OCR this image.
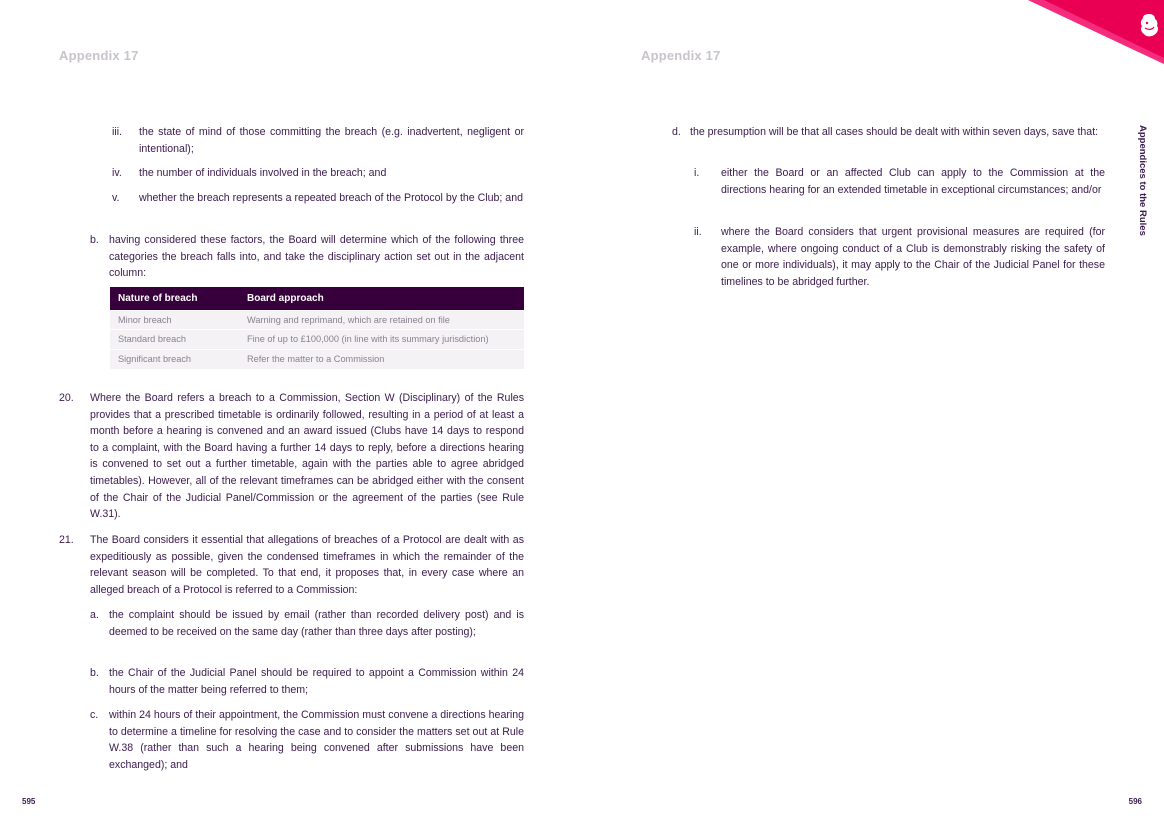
Appendix 17
iii. the state of mind of those committing the breach (e.g. inadvertent, negligent or intentional);
iv. the number of individuals involved in the breach; and
v. whether the breach represents a repeated breach of the Protocol by the Club; and
b. having considered these factors, the Board will determine which of the following three categories the breach falls into, and take the disciplinary action set out in the adjacent column:
Nature of breach	Board approach
Minor breach	Warning and reprimand, which are retained on file
Standard breach	Fine of up to £100,000 (in line with its summary jurisdiction)
Significant breach	Refer the matter to a Commission
20. Where the Board refers a breach to a Commission, Section W (Disciplinary) of the Rules provides that a prescribed timetable is ordinarily followed, resulting in a period of at least a month before a hearing is convened and an award issued (Clubs have 14 days to respond to a complaint, with the Board having a further 14 days to reply, before a directions hearing is convened to set out a further timetable, again with the parties able to agree abridged timetables). However, all of the relevant timeframes can be abridged either with the consent of the Chair of the Judicial Panel/Commission or the agreement of the parties (see Rule W.31).
21. The Board considers it essential that allegations of breaches of a Protocol are dealt with as expeditiously as possible, given the condensed timeframes in which the remainder of the relevant season will be completed. To that end, it proposes that, in every case where an alleged breach of a Protocol is referred to a Commission:
a. the complaint should be issued by email (rather than recorded delivery post) and is deemed to be received on the same day (rather than three days after posting);
b. the Chair of the Judicial Panel should be required to appoint a Commission within 24 hours of the matter being referred to them;
c. within 24 hours of their appointment, the Commission must convene a directions hearing to determine a timeline for resolving the case and to consider the matters set out at Rule W.38 (rather than such a hearing being convened after submissions have been exchanged); and
595
Appendix 17
d. the presumption will be that all cases should be dealt with within seven days, save that:
i. either the Board or an affected Club can apply to the Commission at the directions hearing for an extended timetable in exceptional circumstances; and/or
ii. where the Board considers that urgent provisional measures are required (for example, where ongoing conduct of a Club is demonstrably risking the safety of one or more individuals), it may apply to the Chair of the Judicial Panel for these timelines to be abridged further.
Appendices to the Rules
596
